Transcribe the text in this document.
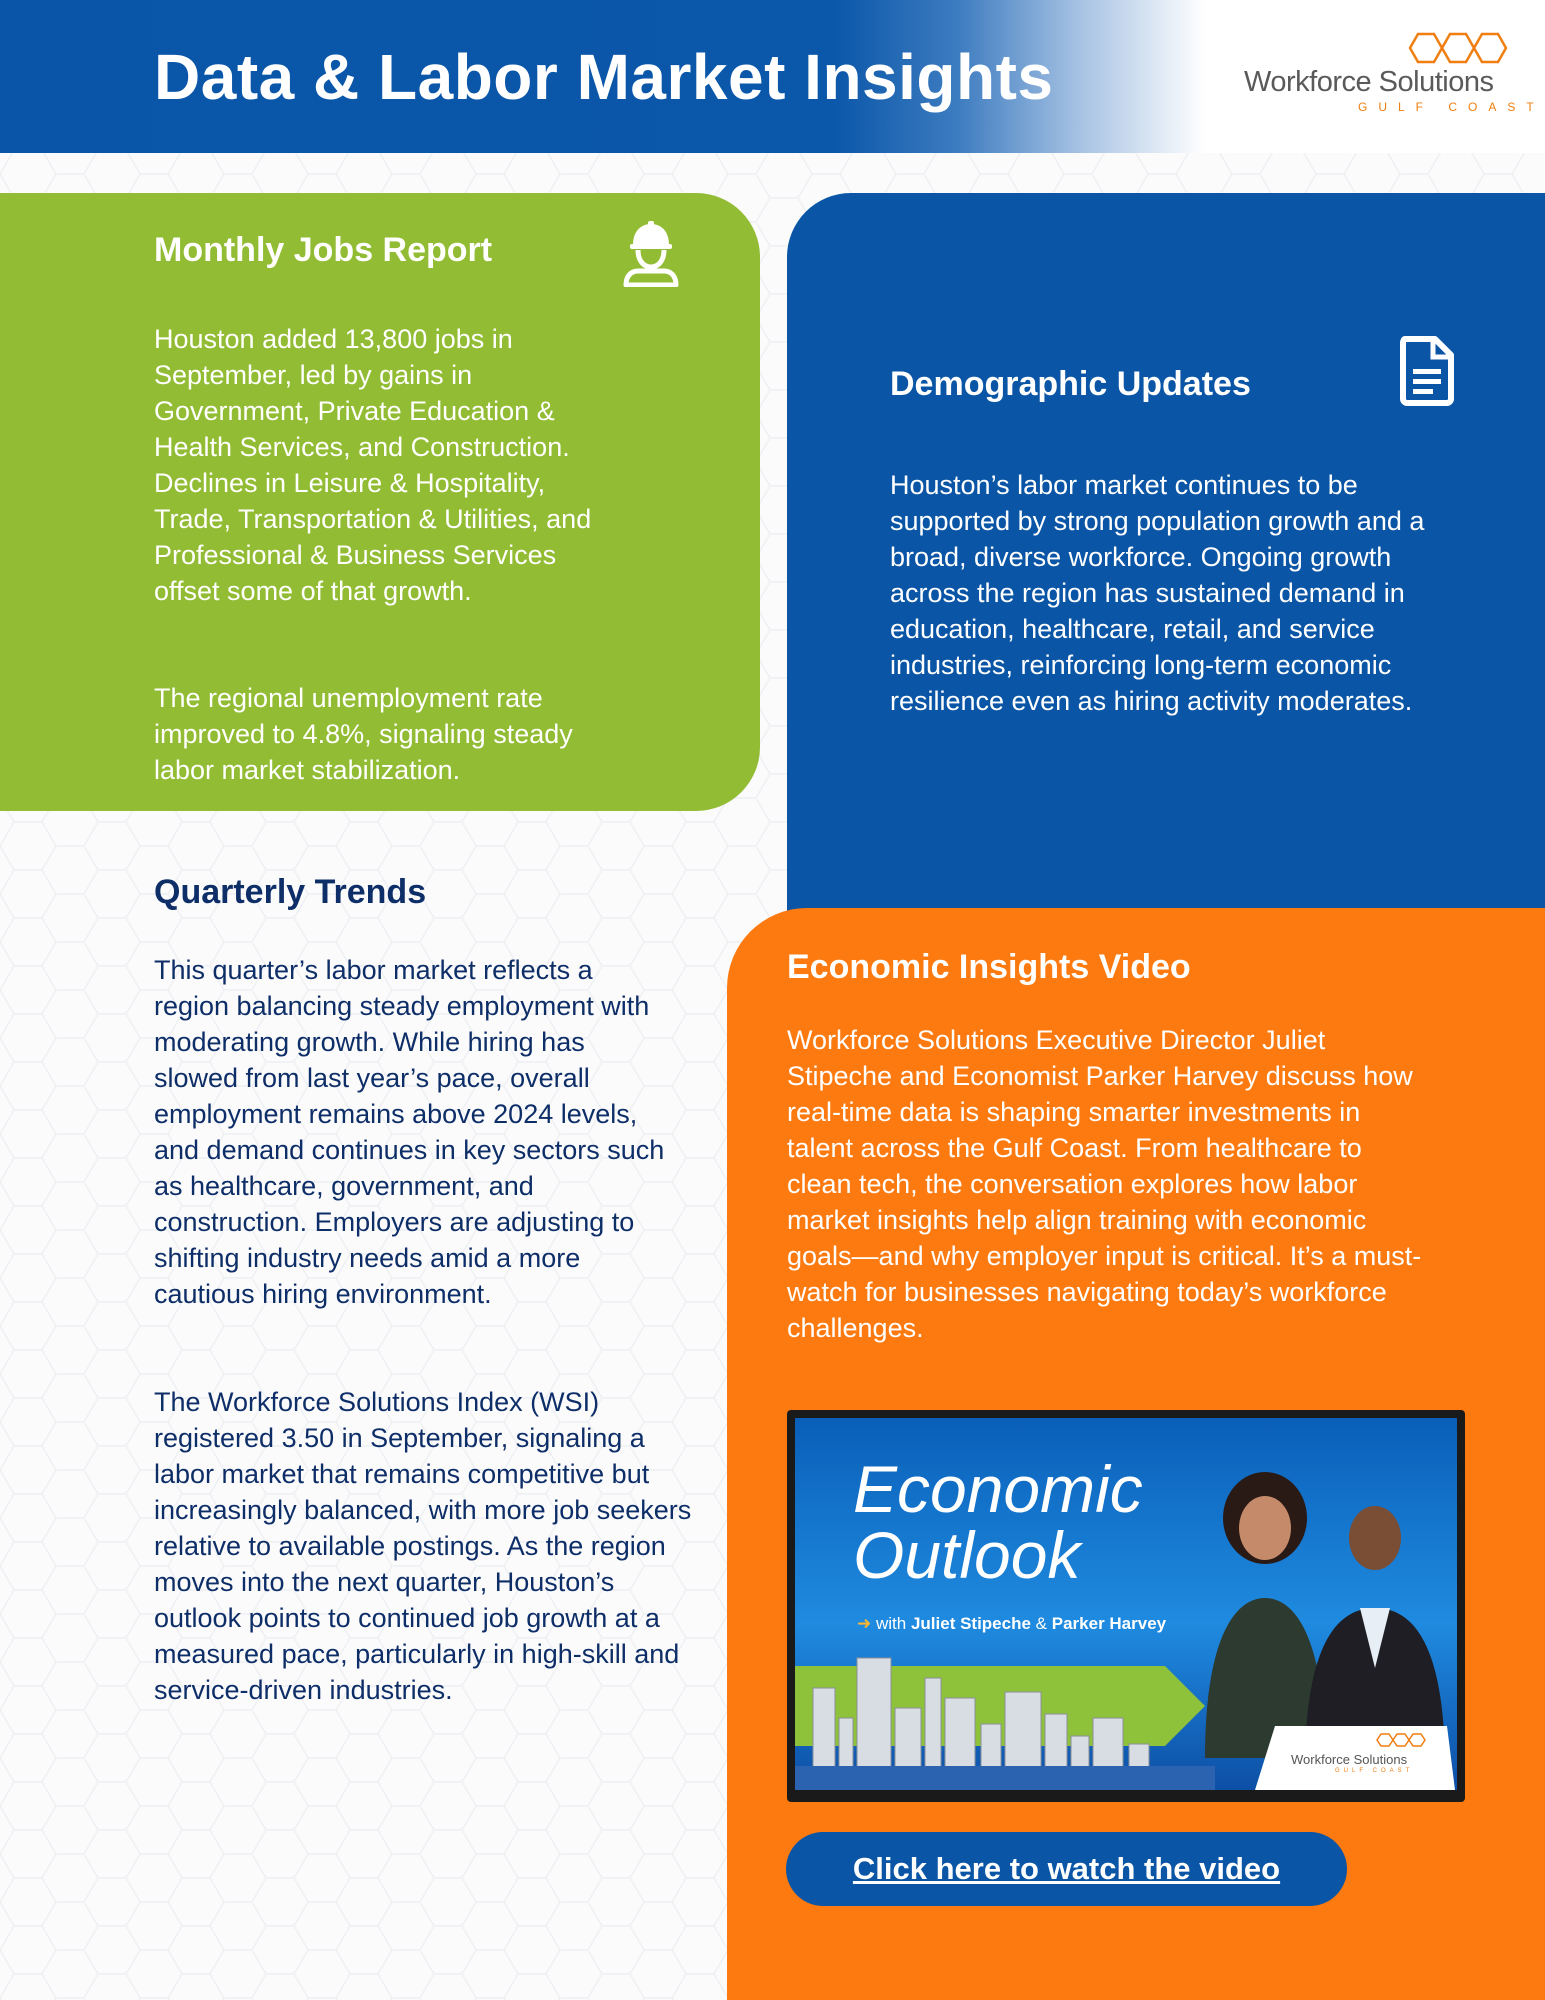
Data & Labor Market Insights	Workforce Solutions
GULF COAST
Monthly Jobs Report
Houston added 13,800 jobs in September, led by gains in Government, Private Education & Health Services, and Construction. Declines in Leisure & Hospitality, Trade, Transportation & Utilities, and Professional & Business Services offset some of that growth.
The regional unemployment rate improved to 4.8%, signaling steady labor market stabilization.
Demographic Updates
Houston’s labor market continues to be supported by strong population growth and a broad, diverse workforce. Ongoing growth across the region has sustained demand in education, healthcare, retail, and service industries, reinforcing long-term economic resilience even as hiring activity moderates.
Quarterly Trends
This quarter’s labor market reflects a region balancing steady employment with moderating growth. While hiring has slowed from last year’s pace, overall employment remains above 2024 levels, and demand continues in key sectors such as healthcare, government, and construction. Employers are adjusting to shifting industry needs amid a more cautious hiring environment.
The Workforce Solutions Index (WSI) registered 3.50 in September, signaling a labor market that remains competitive but increasingly balanced, with more job seekers relative to available postings. As the region moves into the next quarter, Houston’s outlook points to continued job growth at a measured pace, particularly in high-skill and service-driven industries.
Economic Insights Video
Workforce Solutions Executive Director Juliet Stipeche and Economist Parker Harvey discuss how real-time data is shaping smarter investments in talent across the Gulf Coast. From healthcare to clean tech, the conversation explores how labor market insights help align training with economic goals—and why employer input is critical. It’s a must-watch for businesses navigating today’s workforce challenges.
Economic
Outlook
➜ with Juliet Stipeche & Parker Harvey
Workforce Solutions
GULF COAST
Click here to watch the video
